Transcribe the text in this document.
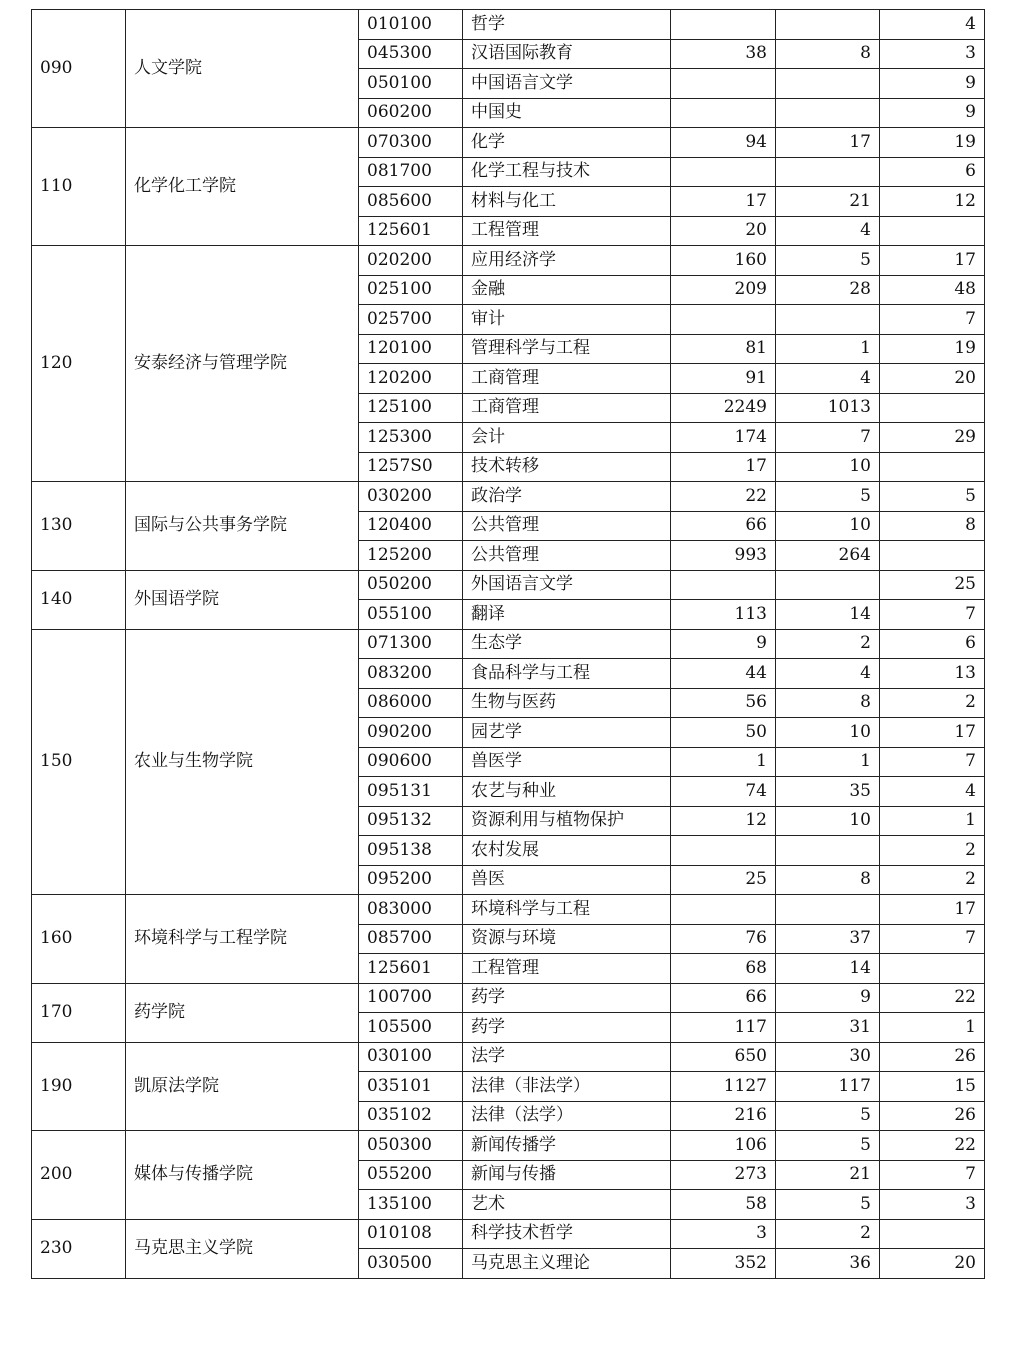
090	人文学院	010100	哲学			4
		045300	汉语国际教育	38	8	3
		050100	中国语言文学			9
		060200	中国史			9
110	化学化工学院	070300	化学	94	17	19
		081700	化学工程与技术			6
		085600	材料与化工	17	21	12
		125601	工程管理	20	4	
120	安泰经济与管理学院	020200	应用经济学	160	5	17
		025100	金融	209	28	48
		025700	审计			7
		120100	管理科学与工程	81	1	19
		120200	工商管理	91	4	20
		125100	工商管理	2249	1013	
		125300	会计	174	7	29
		1257S0	技术转移	17	10	
130	国际与公共事务学院	030200	政治学	22	5	5
		120400	公共管理	66	10	8
		125200	公共管理	993	264	
140	外国语学院	050200	外国语言文学			25
		055100	翻译	113	14	7
150	农业与生物学院	071300	生态学	9	2	6
		083200	食品科学与工程	44	4	13
		086000	生物与医药	56	8	2
		090200	园艺学	50	10	17
		090600	兽医学	1	1	7
		095131	农艺与种业	74	35	4
		095132	资源利用与植物保护	12	10	1
		095138	农村发展			2
		095200	兽医	25	8	2
160	环境科学与工程学院	083000	环境科学与工程			17
		085700	资源与环境	76	37	7
		125601	工程管理	68	14	
170	药学院	100700	药学	66	9	22
		105500	药学	117	31	1
190	凯原法学院	030100	法学	650	30	26
		035101	法律（非法学）	1127	117	15
		035102	法律（法学）	216	5	26
200	媒体与传播学院	050300	新闻传播学	106	5	22
		055200	新闻与传播	273	21	7
		135100	艺术	58	5	3
230	马克思主义学院	010108	科学技术哲学	3	2	
		030500	马克思主义理论	352	36	20
